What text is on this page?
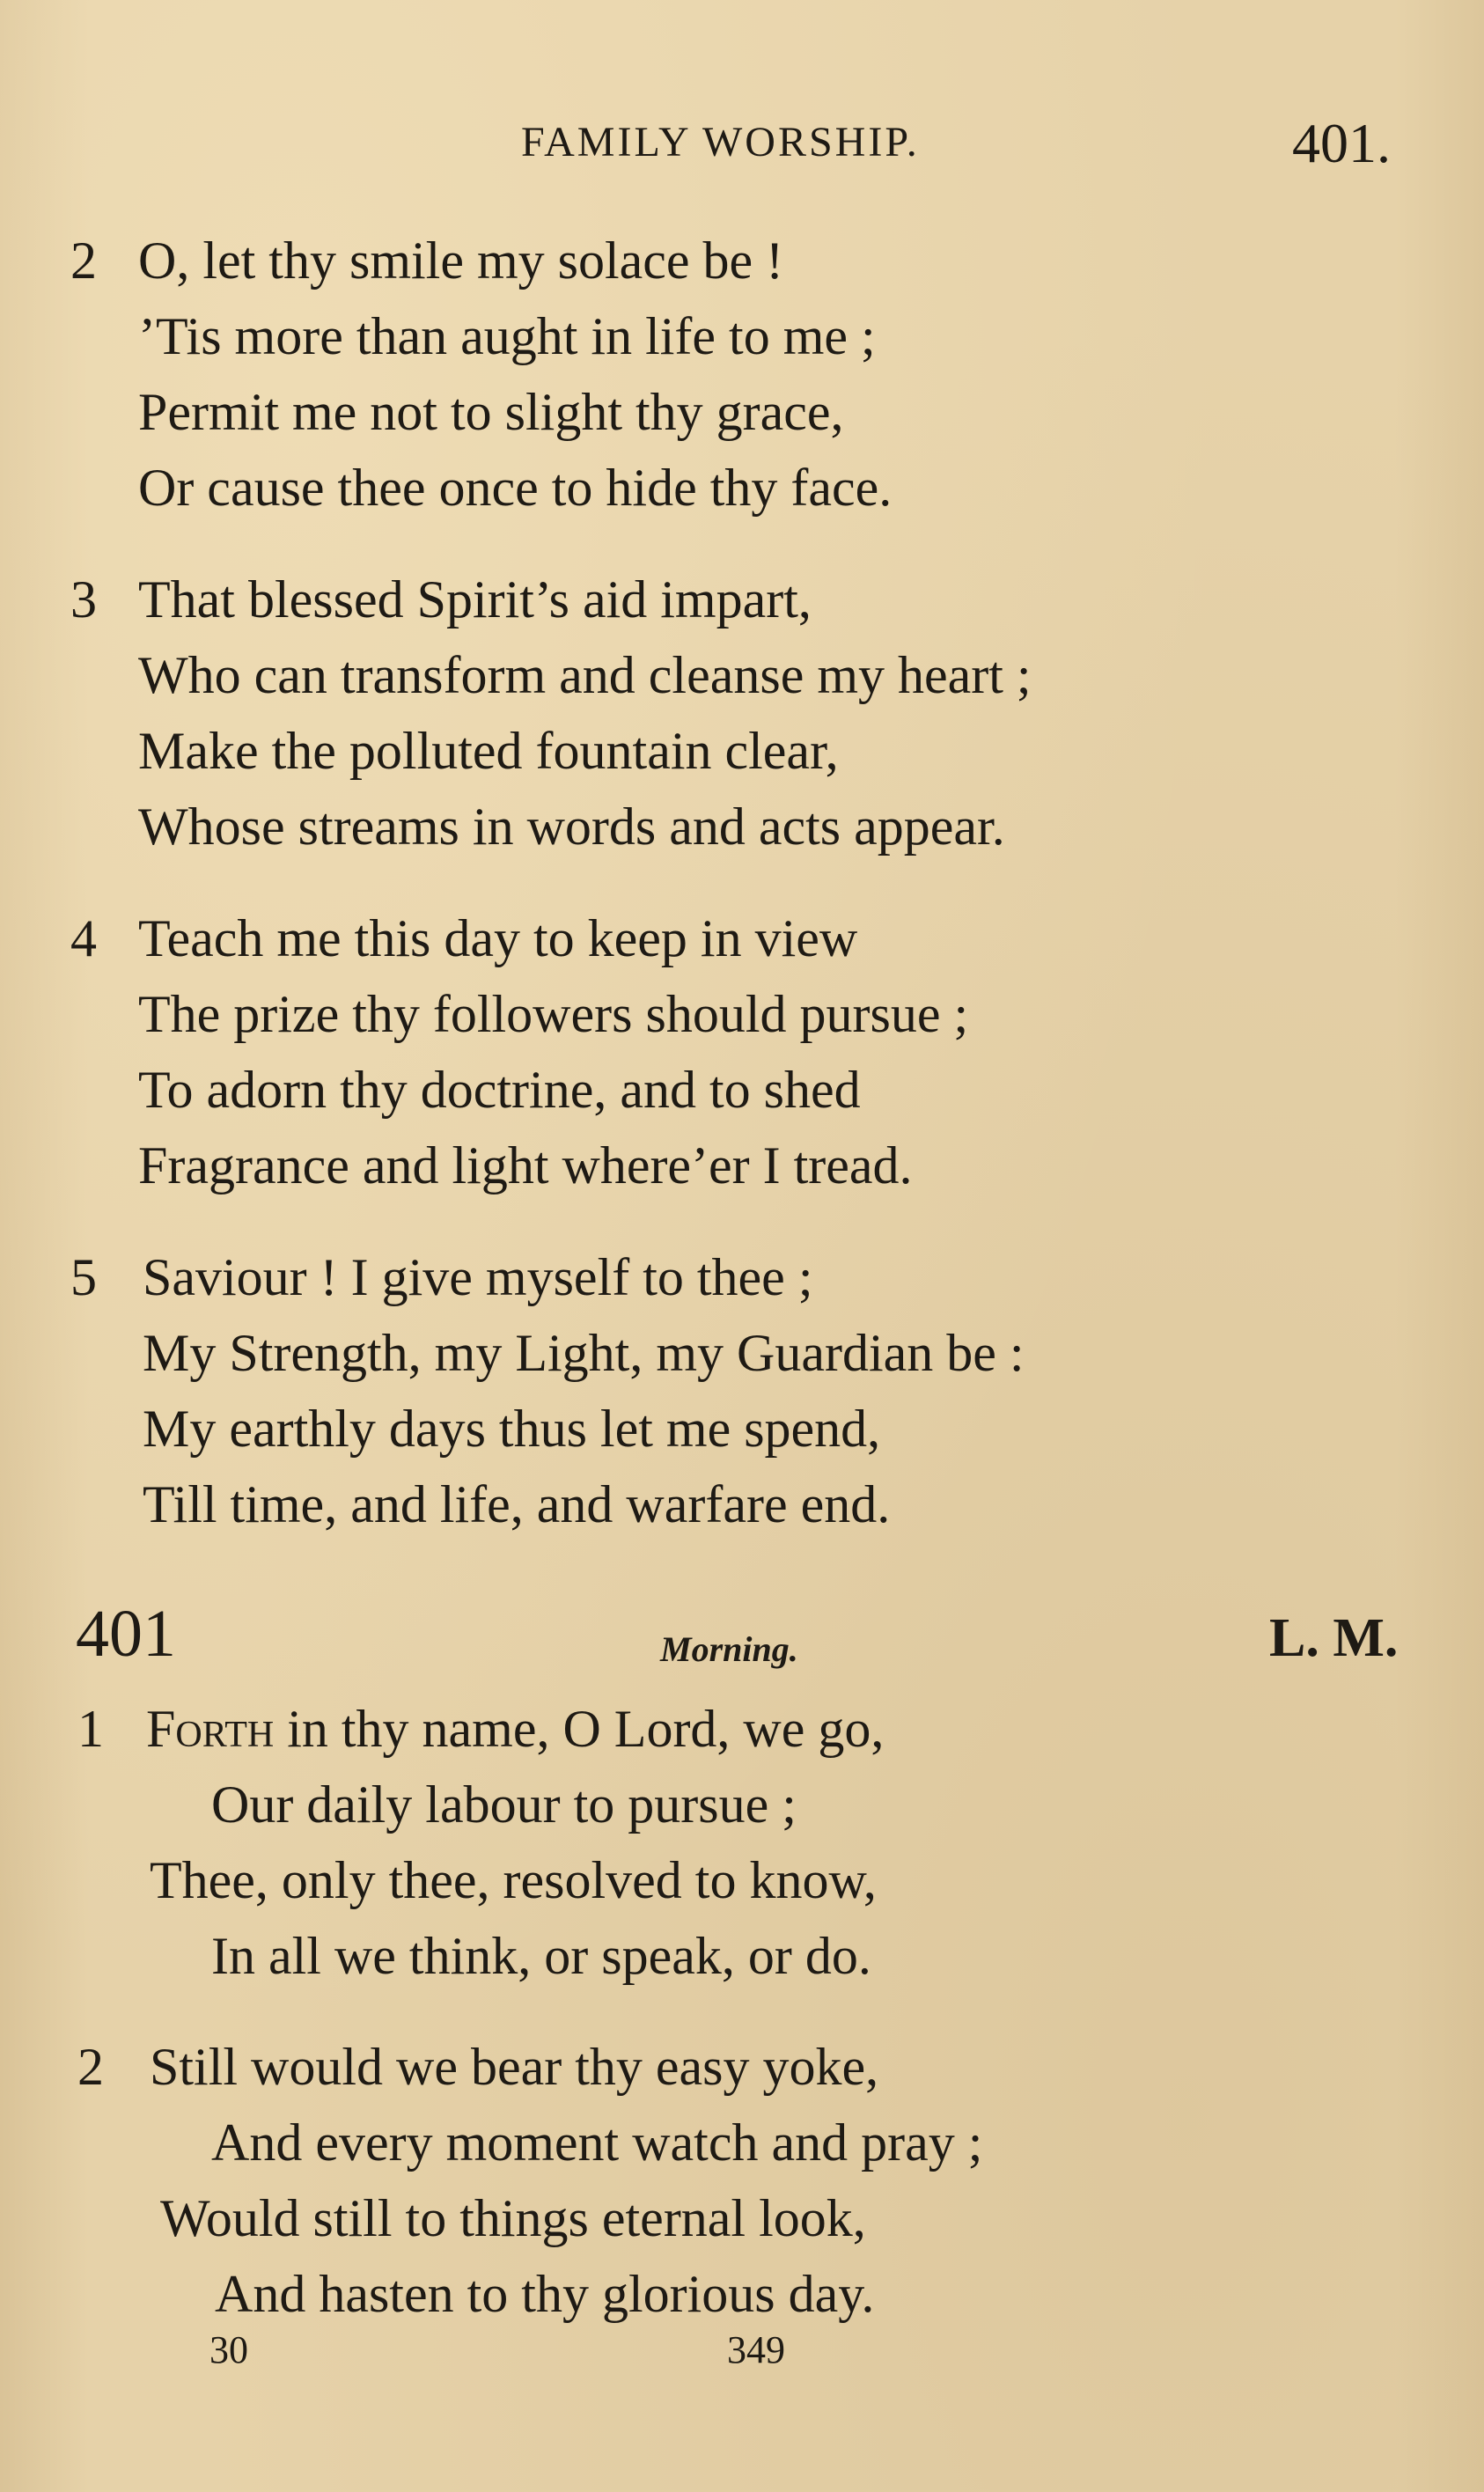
FAMILY WORSHIP.	401.
2 O, let thy smile my solace be !
’Tis more than aught in life to me ;
Permit me not to slight thy grace,
Or cause thee once to hide thy face.
3 That blessed Spirit’s aid impart,
Who can transform and cleanse my heart ;
Make the polluted fountain clear,
Whose streams in words and acts appear.
4 Teach me this day to keep in view
The prize thy followers should pursue ;
To adorn thy doctrine, and to shed
Fragrance and light where’er I tread.
5 Saviour ! I give myself to thee ;
My Strength, my Light, my Guardian be :
My earthly days thus let me spend,
Till time, and life, and warfare end.
401	Morning.	L. M.
1 Forth in thy name, O Lord, we go,
Our daily labour to pursue ;
Thee, only thee, resolved to know,
In all we think, or speak, or do.
2 Still would we bear thy easy yoke,
And every moment watch and pray ;
Would still to things eternal look,
And hasten to thy glorious day.
30	349
